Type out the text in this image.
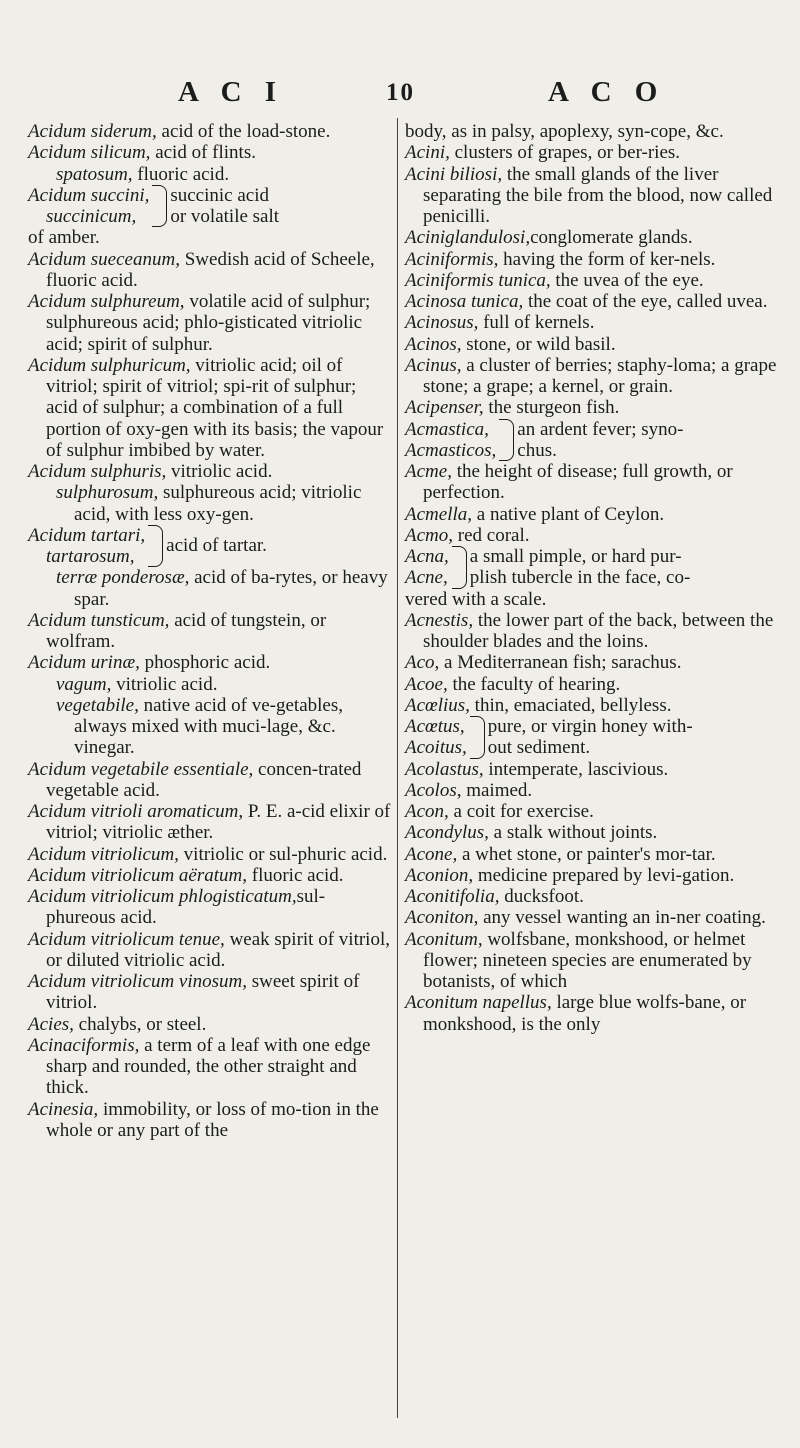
A C I	10	A C O

Acidum siderum, acid of the load-stone.

Acidum silicum, acid of flints.

spatosum, fluoric acid.

Acidum succini,
succinicum,
succinic acid
or volatile salt

of amber.

Acidum sueceanum, Swedish acid of Scheele, fluoric acid.

Acidum sulphureum, volatile acid of sulphur; sulphureous acid; phlo-gisticated vitriolic acid; spirit of sulphur.

Acidum sulphuricum, vitriolic acid; oil of vitriol; spirit of vitriol; spi-rit of sulphur; acid of sulphur; a combination of a full portion of oxy-gen with its basis; the vapour of sulphur imbibed by water.

Acidum sulphuris, vitriolic acid.

sulphurosum, sulphureous acid; vitriolic acid, with less oxy-gen.

Acidum tartari,
tartarosum,
acid of tartar.

terræ ponderosæ, acid of ba-rytes, or heavy spar.

Acidum tunsticum, acid of tungstein, or wolfram.

Acidum urinæ, phosphoric acid.

vagum, vitriolic acid.

vegetabile, native acid of ve-getables, always mixed with muci-lage, &c. vinegar.

Acidum vegetabile essentiale, concen-trated vegetable acid.

Acidum vitrioli aromaticum, P. E. a-cid elixir of vitriol; vitriolic æther.

Acidum vitriolicum, vitriolic or sul-phuric acid.

Acidum vitriolicum aëratum, fluoric acid.

Acidum vitriolicum phlogisticatum,sul-phureous acid.

Acidum vitriolicum tenue, weak spirit of vitriol, or diluted vitriolic acid.

Acidum vitriolicum vinosum, sweet spirit of vitriol.

Acies, chalybs, or steel.

Acinaciformis, a term of a leaf with one edge sharp and rounded, the other straight and thick.

Acinesia, immobility, or loss of mo-tion in the whole or any part of the

body, as in palsy, apoplexy, syn-cope, &c.

Acini, clusters of grapes, or ber-ries.

Acini biliosi, the small glands of the liver separating the bile from the blood, now called penicilli.

Aciniglandulosi,conglomerate glands.

Aciniformis, having the form of ker-nels.

Aciniformis tunica, the uvea of the eye.

Acinosa tunica, the coat of the eye, called uvea.

Acinosus, full of kernels.

Acinos, stone, or wild basil.

Acinus, a cluster of berries; staphy-loma; a grape stone; a grape; a kernel, or grain.

Acipenser, the sturgeon fish.

Acmastica,
Acmasticos,
an ardent fever; syno-
chus.

Acme, the height of disease; full growth, or perfection.

Acmella, a native plant of Ceylon.

Acmo, red coral.

Acna,
Acne,
a small pimple, or hard pur-
plish tubercle in the face, co-

vered with a scale.

Acnestis, the lower part of the back, between the shoulder blades and the loins.

Aco, a Mediterranean fish; sarachus.

Acoe, the faculty of hearing.

Acœlius, thin, emaciated, bellyless.

Acœtus,
Acoitus,
pure, or virgin honey with-
out sediment.

Acolastus, intemperate, lascivious.

Acolos, maimed.

Acon, a coit for exercise.

Acondylus, a stalk without joints.

Acone, a whet stone, or painter's mor-tar.

Aconion, medicine prepared by levi-gation.

Aconitifolia, ducksfoot.

Aconiton, any vessel wanting an in-ner coating.

Aconitum, wolfsbane, monkshood, or helmet flower; nineteen species are enumerated by botanists, of which

Aconitum napellus, large blue wolfs-bane, or monkshood, is the only
